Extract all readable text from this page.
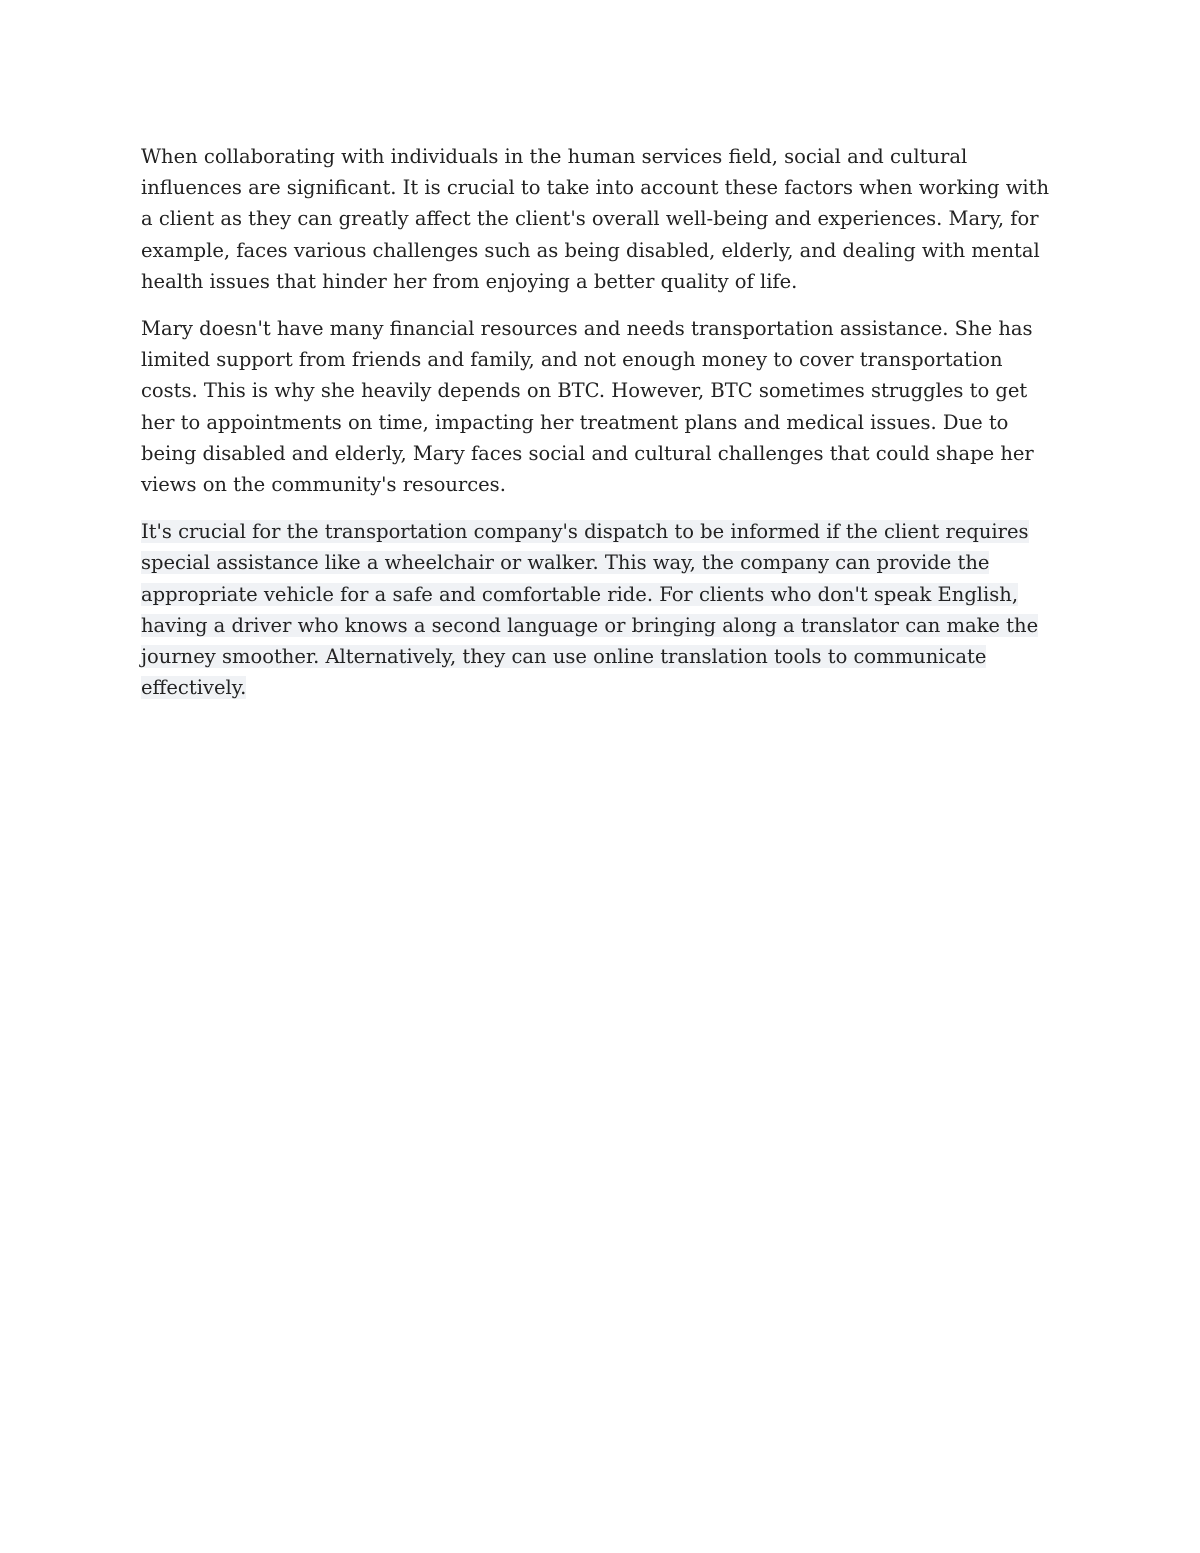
When collaborating with individuals in the human services field, social and cultural influences are significant. It is crucial to take into account these factors when working with a client as they can greatly affect the client's overall well-being and experiences. Mary, for example, faces various challenges such as being disabled, elderly, and dealing with mental health issues that hinder her from enjoying a better quality of life.

Mary doesn't have many financial resources and needs transportation assistance. She has limited support from friends and family, and not enough money to cover transportation costs. This is why she heavily depends on BTC. However, BTC sometimes struggles to get her to appointments on time, impacting her treatment plans and medical issues. Due to being disabled and elderly, Mary faces social and cultural challenges that could shape her views on the community's resources.

It's crucial for the transportation company's dispatch to be informed if the client requires special assistance like a wheelchair or walker. This way, the company can provide the appropriate vehicle for a safe and comfortable ride. For clients who don't speak English, having a driver who knows a second language or bringing along a translator can make the journey smoother. Alternatively, they can use online translation tools to communicate effectively.
